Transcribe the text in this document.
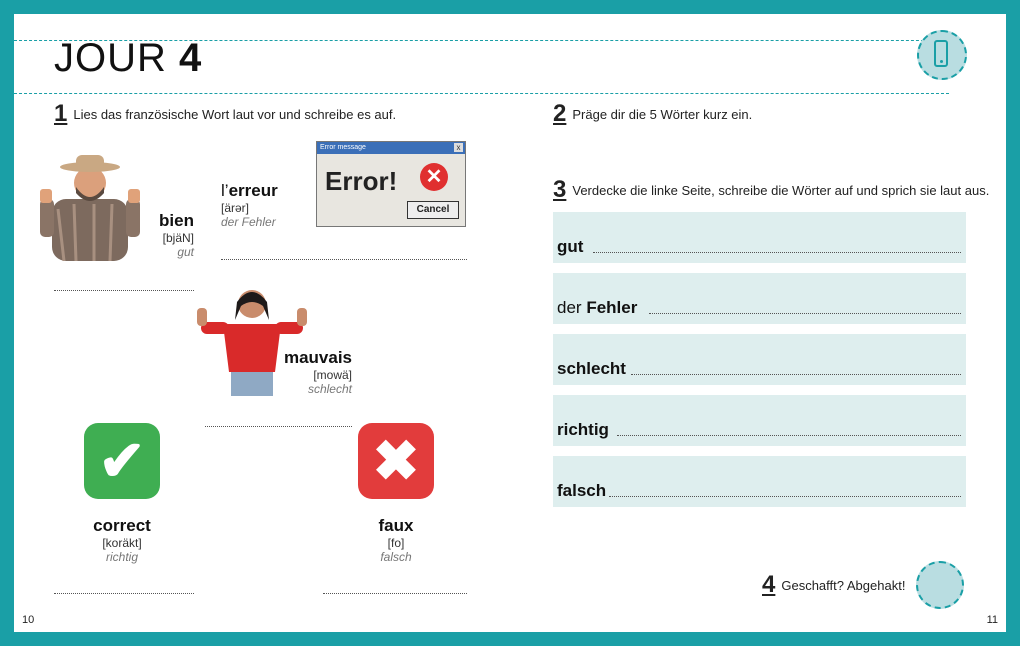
JOUR 4
1 Lies das französische Wort laut vor und schreibe es auf.
bien
[bjäN]
gut
l’erreur
[ärər]
der Fehler
Error message	x
Error! ✕
Cancel
mauvais
[mowä]
schlecht
✔	✖
correct
[koräkt]
richtig
faux
[fo]
falsch
2 Präge dir die 5 Wörter kurz ein.
3 Verdecke die linke Seite, schreibe die Wörter auf und sprich sie laut aus.
gut
der Fehler
schlecht
richtig
falsch
4 Geschafft? Abgehakt!
10	11
